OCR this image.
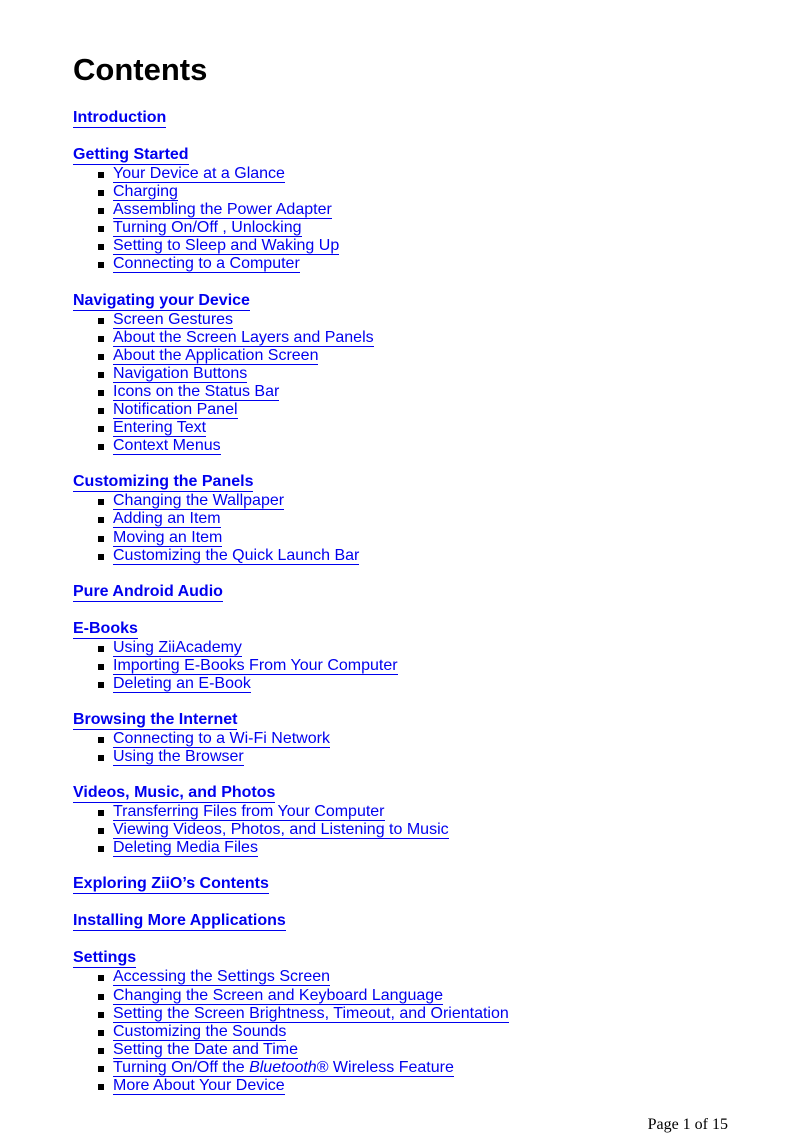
Contents
Introduction
Getting Started
Your Device at a Glance
Charging
Assembling the Power Adapter
Turning On/Off , Unlocking
Setting to Sleep and Waking Up
Connecting to a Computer
Navigating your Device
Screen Gestures
About the Screen Layers and Panels
About the Application Screen
Navigation Buttons
Icons on the Status Bar
Notification Panel
Entering Text
Context Menus
Customizing the Panels
Changing the Wallpaper
Adding an Item
Moving an Item
Customizing the Quick Launch Bar
Pure Android Audio
E-Books
Using ZiiAcademy
Importing E-Books From Your Computer
Deleting an E-Book
Browsing the Internet
Connecting to a Wi-Fi Network
Using the Browser
Videos, Music, and Photos
Transferring Files from Your Computer
Viewing Videos, Photos, and Listening to Music
Deleting Media Files
Exploring ZiiO’s Contents
Installing More Applications
Settings
Accessing the Settings Screen
Changing the Screen and Keyboard Language
Setting the Screen Brightness, Timeout, and Orientation
Customizing the Sounds
Setting the Date and Time
Turning On/Off the Bluetooth® Wireless Feature
More About Your Device
Page 1 of 15
